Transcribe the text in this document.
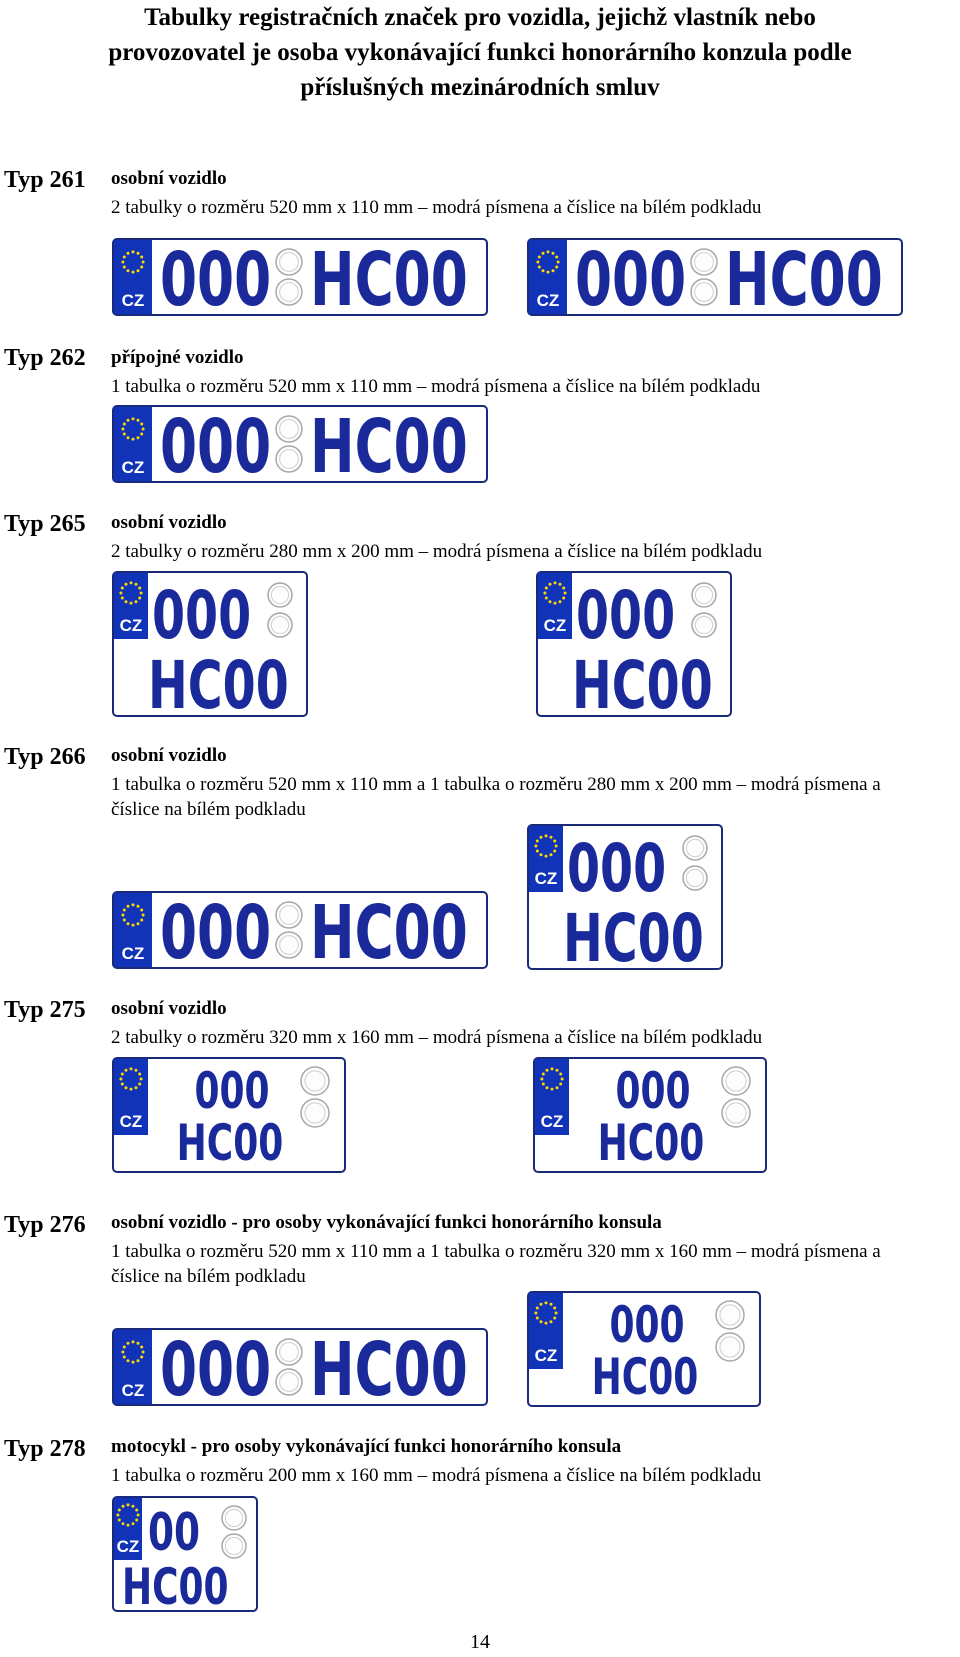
Tabulky registračních značek pro vozidla, jejichž vlastník nebo
provozovatel je osoba vykonávající funkci honorárního konzula podle
příslušných mezinárodních smluv
Typ 261 osobní vozidlo
2 tabulky o rozměru 520 mm x 110 mm – modrá písmena a číslice na bílém podkladu
CZ 000 HC00	CZ 000 HC00
Typ 262 přípojné vozidlo
1 tabulka o rozměru 520 mm x 110 mm – modrá písmena a číslice na bílém podkladu
CZ 000 HC00
Typ 265 osobní vozidlo
2 tabulky o rozměru 280 mm x 200 mm – modrá písmena a číslice na bílém podkladu
CZ 000
HC00
CZ 000
HC00
Typ 266 osobní vozidlo
1 tabulka o rozměru 520 mm x 110 mm a 1 tabulka o rozměru 280 mm x 200 mm – modrá písmena a číslice na bílém podkladu
CZ 000 HC00
CZ 000
HC00
Typ 275 osobní vozidlo
2 tabulky o rozměru 320 mm x 160 mm – modrá písmena a číslice na bílém podkladu
CZ
000
HC00	CZ
000
HC00
Typ 276 osobní vozidlo - pro osoby vykonávající funkci honorárního konsula
1 tabulka o rozměru 520 mm x 110 mm a 1 tabulka o rozměru 320 mm x 160 mm – modrá písmena a číslice na bílém podkladu
CZ 000 HC00	CZ
000
HC00
Typ 278 motocykl - pro osoby vykonávající funkci honorárního konsula
1 tabulka o rozměru 200 mm x 160 mm – modrá písmena a číslice na bílém podkladu
CZ 00
HC00
14
